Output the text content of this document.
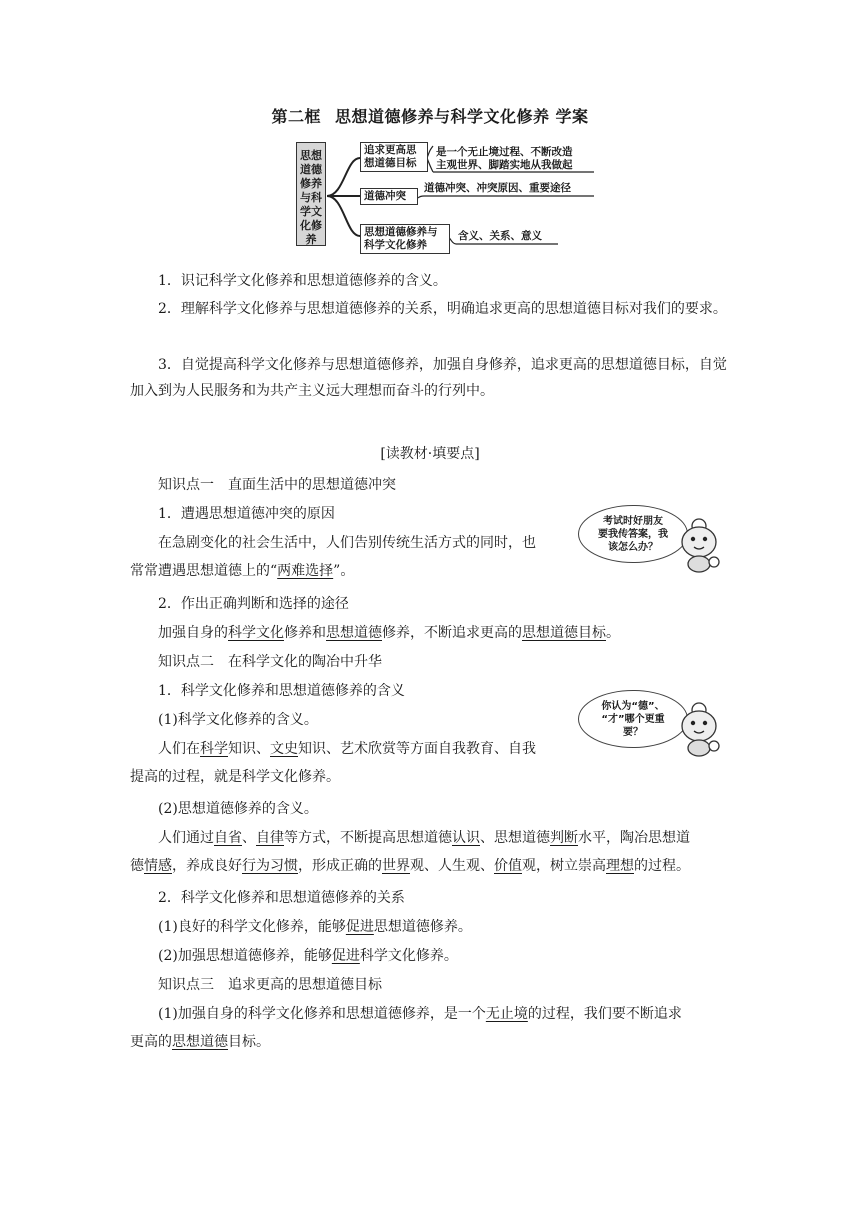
第二框 思想道德修养与科学文化修养 学案
思想道德修养与科学文化修养
追求更高思
想道德目标
是一个无止境过程、不断改造
主观世界、脚踏实地从我做起
道德冲突
道德冲突、冲突原因、重要途径
思想道德修养与
科学文化修养
含义、关系、意义
1．识记科学文化修养和思想道德修养的含义。
2．理解科学文化修养与思想道德修养的关系，明确追求更高的思想道德目标对我们的要求。
3．自觉提高科学文化修养与思想道德修养，加强自身修养，追求更高的思想道德目标，自觉加入到为人民服务和为共产主义远大理想而奋斗的行列中。
[读教材·填要点]
知识点一　直面生活中的思想道德冲突
1．遭遇思想道德冲突的原因
在急剧变化的社会生活中，人们告别传统生活方式的同时，也
常常遭遇思想道德上的“两难选择”。
2．作出正确判断和选择的途径
加强自身的科学文化修养和思想道德修养，不断追求更高的思想道德目标。
考试时好朋友
要我传答案，我
该怎么办？
知识点二　在科学文化的陶冶中升华
1．科学文化修养和思想道德修养的含义
(1)科学文化修养的含义。
人们在科学知识、文史知识、艺术欣赏等方面自我教育、自我
提高的过程，就是科学文化修养。
(2)思想道德修养的含义。
人们通过自省、自律等方式，不断提高思想道德认识、思想道德判断水平，陶冶思想道
德情感，养成良好行为习惯，形成正确的世界观、人生观、价值观，树立崇高理想的过程。
2．科学文化修养和思想道德修养的关系
(1)良好的科学文化修养，能够促进思想道德修养。
(2)加强思想道德修养，能够促进科学文化修养。
你认为“德”、
“才”哪个更重
要？
知识点三　追求更高的思想道德目标
(1)加强自身的科学文化修养和思想道德修养，是一个无止境的过程，我们要不断追求
更高的思想道德目标。
